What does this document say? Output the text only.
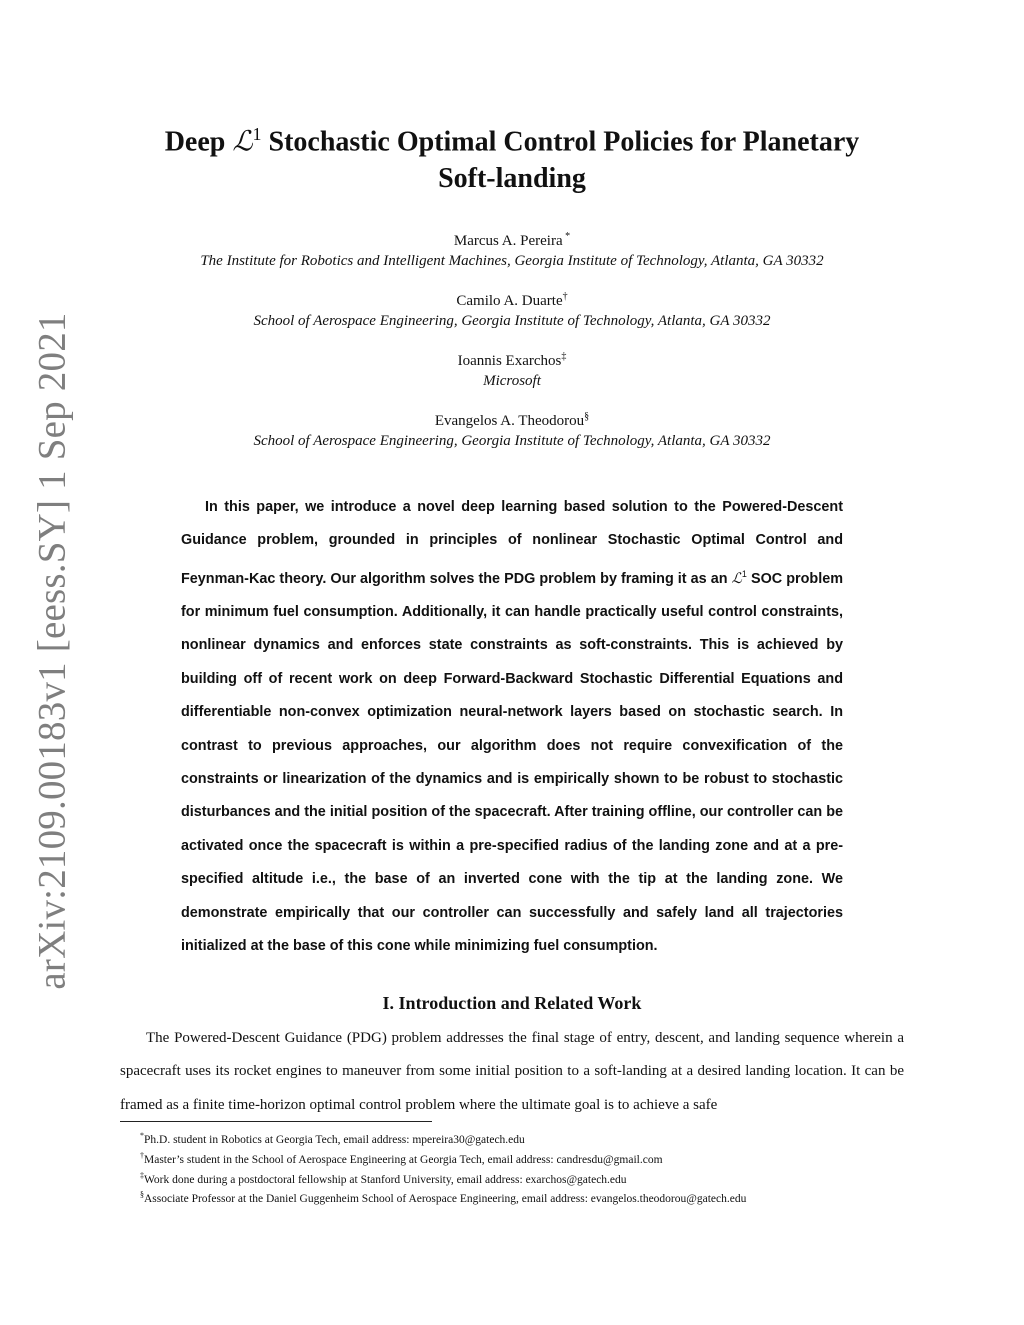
arXiv:2109.00183v1 [eess.SY] 1 Sep 2021
Deep ℒ$^1$ Stochastic Optimal Control Policies for Planetary
Soft-landing
Marcus A. Pereira *
The Institute for Robotics and Intelligent Machines, Georgia Institute of Technology, Atlanta, GA 30332
Camilo A. Duarte†
School of Aerospace Engineering, Georgia Institute of Technology, Atlanta, GA 30332
Ioannis Exarchos‡
Microsoft
Evangelos A. Theodorou§
School of Aerospace Engineering, Georgia Institute of Technology, Atlanta, GA 30332

In this paper, we introduce a novel deep learning based solution to the Powered-Descent Guidance problem, grounded in principles of nonlinear Stochastic Optimal Control and Feynman-Kac theory. Our algorithm solves the PDG problem by framing it as an ℒ$^1$ SOC problem for minimum fuel consumption. Additionally, it can handle practically useful control constraints, nonlinear dynamics and enforces state constraints as soft-constraints. This is achieved by building off of recent work on deep Forward-Backward Stochastic Differential Equations and differentiable non-convex optimization neural-network layers based on stochastic search. In contrast to previous approaches, our algorithm does not require convexification of the constraints or linearization of the dynamics and is empirically shown to be robust to stochastic disturbances and the initial position of the spacecraft. After training offline, our controller can be activated once the spacecraft is within a pre-specified radius of the landing zone and at a pre-specified altitude i.e., the base of an inverted cone with the tip at the landing zone. We demonstrate empirically that our controller can successfully and safely land all trajectories initialized at the base of this cone while minimizing fuel consumption.

I. Introduction and Related Work

The Powered-Descent Guidance (PDG) problem addresses the final stage of entry, descent, and landing sequence wherein a spacecraft uses its rocket engines to maneuver from some initial position to a soft-landing at a desired landing location. It can be framed as a finite time-horizon optimal control problem where the ultimate goal is to achieve a safe

*Ph.D. student in Robotics at Georgia Tech, email address: mpereira30@gatech.edu
†Master’s student in the School of Aerospace Engineering at Georgia Tech, email address: candresdu@gmail.com
‡Work done during a postdoctoral fellowship at Stanford University, email address: exarchos@gatech.edu
§Associate Professor at the Daniel Guggenheim School of Aerospace Engineering, email address: evangelos.theodorou@gatech.edu
